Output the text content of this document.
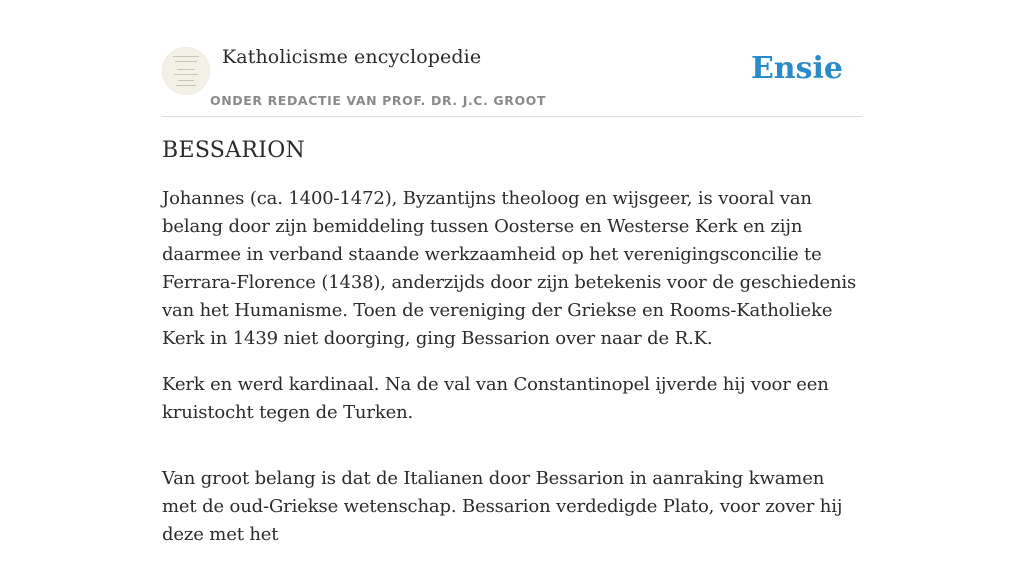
Katholicisme encyclopedie
ONDER REDACTIE VAN PROF. DR. J.C. GROOT
Ensie
BESSARION

Johannes (ca. 1400-1472), Byzantijns theoloog en wijsgeer, is vooral van belang door zijn bemiddeling tussen Oosterse en Westerse Kerk en zijn daarmee in verband staande werkzaamheid op het verenigingsconcilie te Ferrara-Florence (1438), anderzijds door zijn betekenis voor de geschiedenis van het Humanisme. Toen de vereniging der Griekse en Rooms-Katholieke Kerk in 1439 niet doorging, ging Bessarion over naar de R.K.

Kerk en werd kardinaal. Na de val van Constantinopel ijverde hij voor een kruistocht tegen de Turken.

Van groot belang is dat de Italianen door Bessarion in aanraking kwamen met de oud-Griekse wetenschap. Bessarion verdedigde Plato, voor zover hij deze met het
